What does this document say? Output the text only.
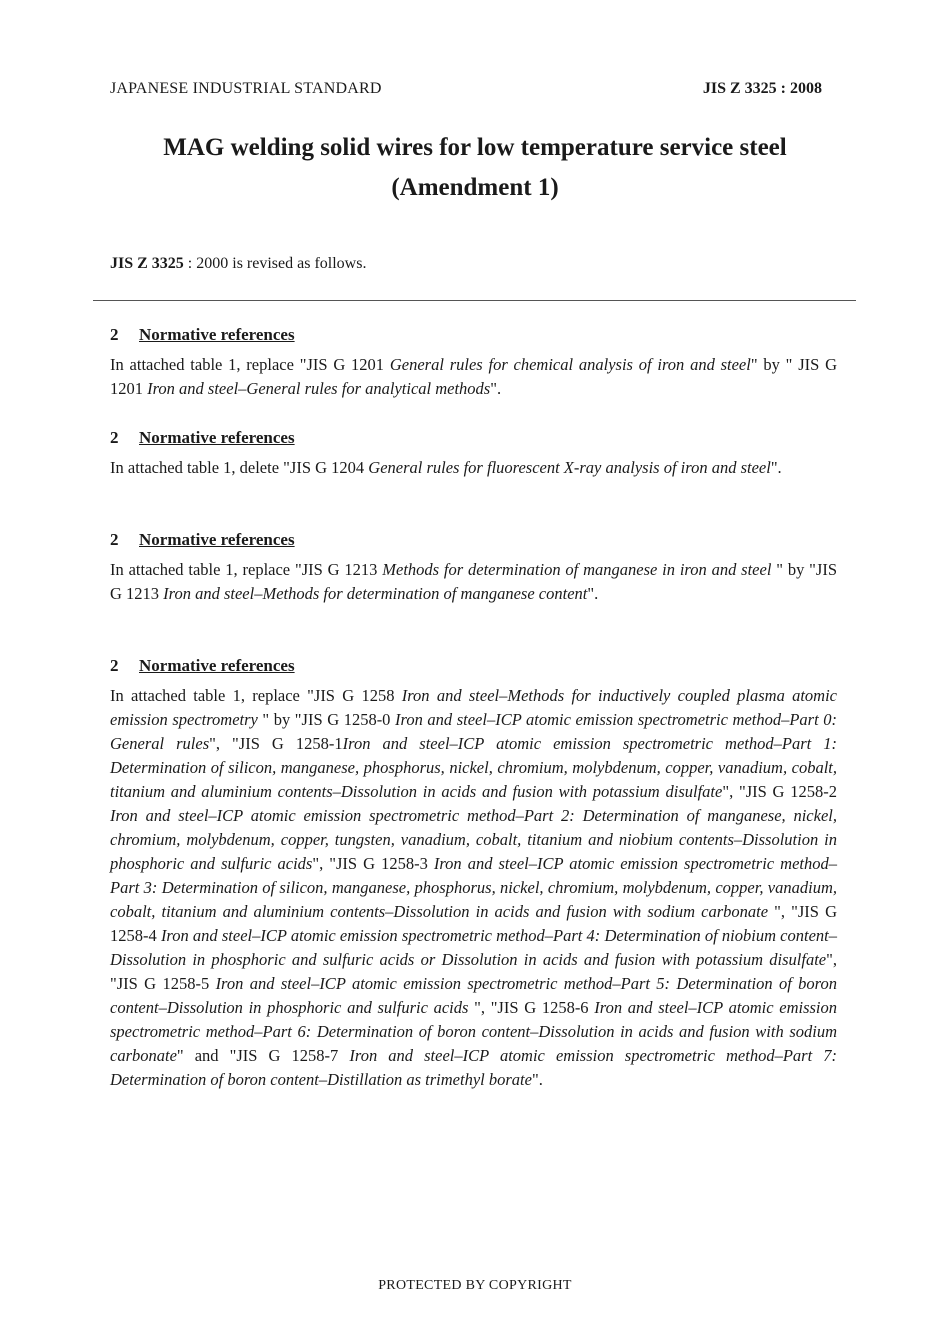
JAPANESE INDUSTRIAL STANDARD	JIS Z 3325 : 2008
MAG welding solid wires for low temperature service steel
(Amendment 1)
JIS Z 3325 : 2000 is revised as follows.
2 Normative references
In attached table 1, replace "JIS G 1201 General rules for chemical analysis of iron and steel" by " JIS G 1201 Iron and steel–General rules for analytical methods".
2 Normative references
In attached table 1, delete "JIS G 1204 General rules for fluorescent X-ray analysis of iron and steel".
2 Normative references
In attached table 1, replace "JIS G 1213 Methods for determination of manganese in iron and steel " by "JIS G 1213 Iron and steel–Methods for determination of manganese content".
2 Normative references
In attached table 1, replace "JIS G 1258 Iron and steel–Methods for inductively coupled plasma atomic emission spectrometry " by "JIS G 1258-0 Iron and steel–ICP atomic emission spectrometric method–Part 0: General rules", "JIS G 1258-1Iron and steel–ICP atomic emission spectrometric method–Part 1: Determination of silicon, manganese, phosphorus, nickel, chromium, molybdenum, copper, vanadium, cobalt, titanium and aluminium contents–Dissolution in acids and fusion with potassium disulfate", "JIS G 1258-2 Iron and steel–ICP atomic emission spectrometric method–Part 2: Determination of manganese, nickel, chromium, molybdenum, copper, tungsten, vanadium, cobalt, titanium and niobium contents–Dissolution in phosphoric and sulfuric acids", "JIS G 1258-3 Iron and steel–ICP atomic emission spectrometric method–Part 3: Determination of silicon, manganese, phosphorus, nickel, chromium, molybdenum, copper, vanadium, cobalt, titanium and aluminium contents–Dissolution in acids and fusion with sodium carbonate ", "JIS G 1258-4 Iron and steel–ICP atomic emission spectrometric method–Part 4: Determination of niobium content–Dissolution in phosphoric and sulfuric acids or Dissolution in acids and fusion with potassium disulfate", "JIS G 1258-5 Iron and steel–ICP atomic emission spectrometric method–Part 5: Determination of boron content–Dissolution in phosphoric and sulfuric acids ", "JIS G 1258-6 Iron and steel–ICP atomic emission spectrometric method–Part 6: Determination of boron content–Dissolution in acids and fusion with sodium carbonate" and "JIS G 1258-7 Iron and steel–ICP atomic emission spectrometric method–Part 7: Determination of boron content–Distillation as trimethyl borate".
PROTECTED BY COPYRIGHT
